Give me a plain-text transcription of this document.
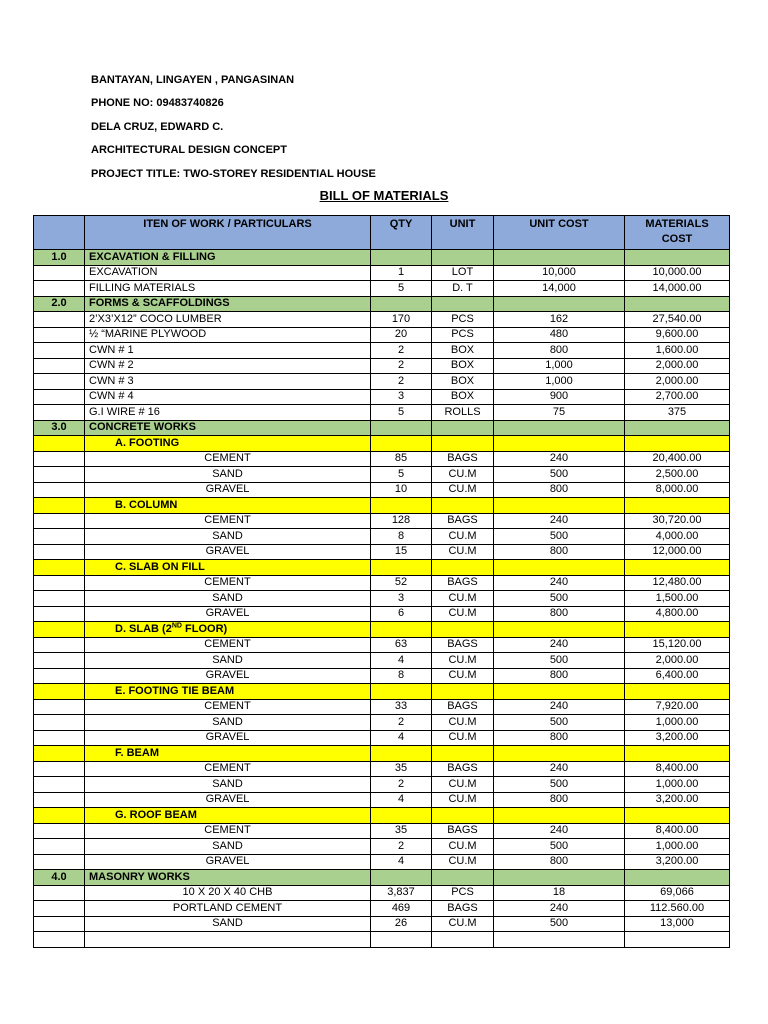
BANTAYAN, LINGAYEN , PANGASINAN
PHONE NO: 09483740826
DELA CRUZ, EDWARD C.
ARCHITECTURAL DESIGN CONCEPT
PROJECT TITLE: TWO-STOREY RESIDENTIAL HOUSE
BILL OF MATERIALS
	ITEN OF WORK / PARTICULARS	QTY	UNIT	UNIT COST	MATERIALS
COST
1.0	EXCAVATION & FILLING				
	EXCAVATION	1	LOT	10,000	10,000.00
	FILLING MATERIALS	5	D. T	14,000	14,000.00
2.0	FORMS & SCAFFOLDINGS				
	2’X3’X12” COCO LUMBER	170	PCS	162	27,540.00
	½ “MARINE PLYWOOD	20	PCS	480	9,600.00
	CWN # 1	2	BOX	800	1,600.00
	CWN # 2	2	BOX	1,000	2,000.00
	CWN # 3	2	BOX	1,000	2,000.00
	CWN # 4	3	BOX	900	2,700.00
	G.I WIRE # 16	5	ROLLS	75	375
3.0	CONCRETE WORKS				
	A. FOOTING				
	CEMENT	85	BAGS	240	20,400.00
	SAND	5	CU.M	500	2,500.00
	GRAVEL	10	CU.M	800	8,000.00
	B. COLUMN				
	CEMENT	128	BAGS	240	30,720.00
	SAND	8	CU.M	500	4,000.00
	GRAVEL	15	CU.M	800	12,000.00
	C. SLAB ON FILL				
	CEMENT	52	BAGS	240	12,480.00
	SAND	3	CU.M	500	1,500.00
	GRAVEL	6	CU.M	800	4,800.00
	D. SLAB (2ND FLOOR)				
	CEMENT	63	BAGS	240	15,120.00
	SAND	4	CU.M	500	2,000.00
	GRAVEL	8	CU.M	800	6,400.00
	E. FOOTING TIE BEAM				
	CEMENT	33	BAGS	240	7,920.00
	SAND	2	CU.M	500	1,000.00
	GRAVEL	4	CU.M	800	3,200.00
	F. BEAM				
	CEMENT	35	BAGS	240	8,400.00
	SAND	2	CU.M	500	1,000.00
	GRAVEL	4	CU.M	800	3,200.00
	G. ROOF BEAM				
	CEMENT	35	BAGS	240	8,400.00
	SAND	2	CU.M	500	1,000.00
	GRAVEL	4	CU.M	800	3,200.00
4.0	MASONRY WORKS				
	10 X 20 X 40 CHB	3,837	PCS	18	69,066
	PORTLAND CEMENT	469	BAGS	240	112.560.00
	SAND	26	CU.M	500	13,000
